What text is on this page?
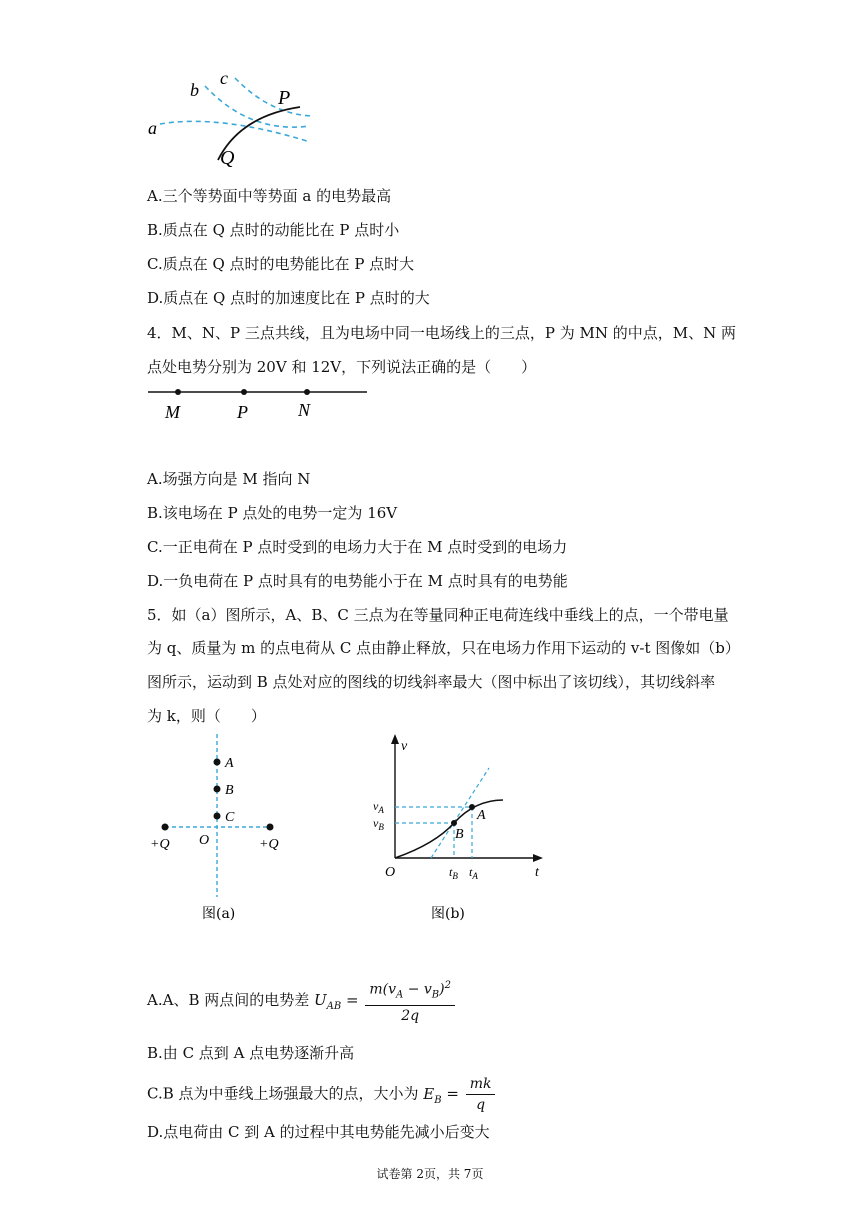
a
b
c
P
Q
A.三个等势面中等势面 a 的电势最高
B.质点在 Q 点时的动能比在 P 点时小
C.质点在 Q 点时的电势能比在 P 点时大
D.质点在 Q 点时的加速度比在 P 点时的大
4．M、N、P 三点共线，且为电场中同一电场线上的三点，P 为 MN 的中点，M、N 两
点处电势分别为 20V 和 12V，下列说法正确的是（　　）
M	P	N
A.场强方向是 M 指向 N
B.该电场在 P 点处的电势一定为 16V
C.一正电荷在 P 点时受到的电场力大于在 M 点时受到的电场力
D.一负电荷在 P 点时具有的电势能小于在 M 点时具有的电势能
5．如（a）图所示，A、B、C 三点为在等量同种正电荷连线中垂线上的点，一个带电量
为 q、质量为 m 的点电荷从 C 点由静止释放，只在电场力作用下运动的 v-t 图像如（b）
图所示，运动到 B 点处对应的图线的切线斜率最大（图中标出了该切线），其切线斜率
为 k，则（　　）
A
B
C
O
+Q	+Q
图(a)
v
t
O
$v_A$
$v_B$
$t_B$ $t_A$
B
A
图(b)
A.A、B 两点间的电势差 $U_{AB} = \frac{m(v_A - v_B)^2}{2q}$
B.由 C 点到 A 点电势逐渐升高
C.B 点为中垂线上场强最大的点，大小为 $E_B = \frac{mk}{q}$
D.点电荷由 C 到 A 的过程中其电势能先减小后变大
试卷第 2页，共 7页
